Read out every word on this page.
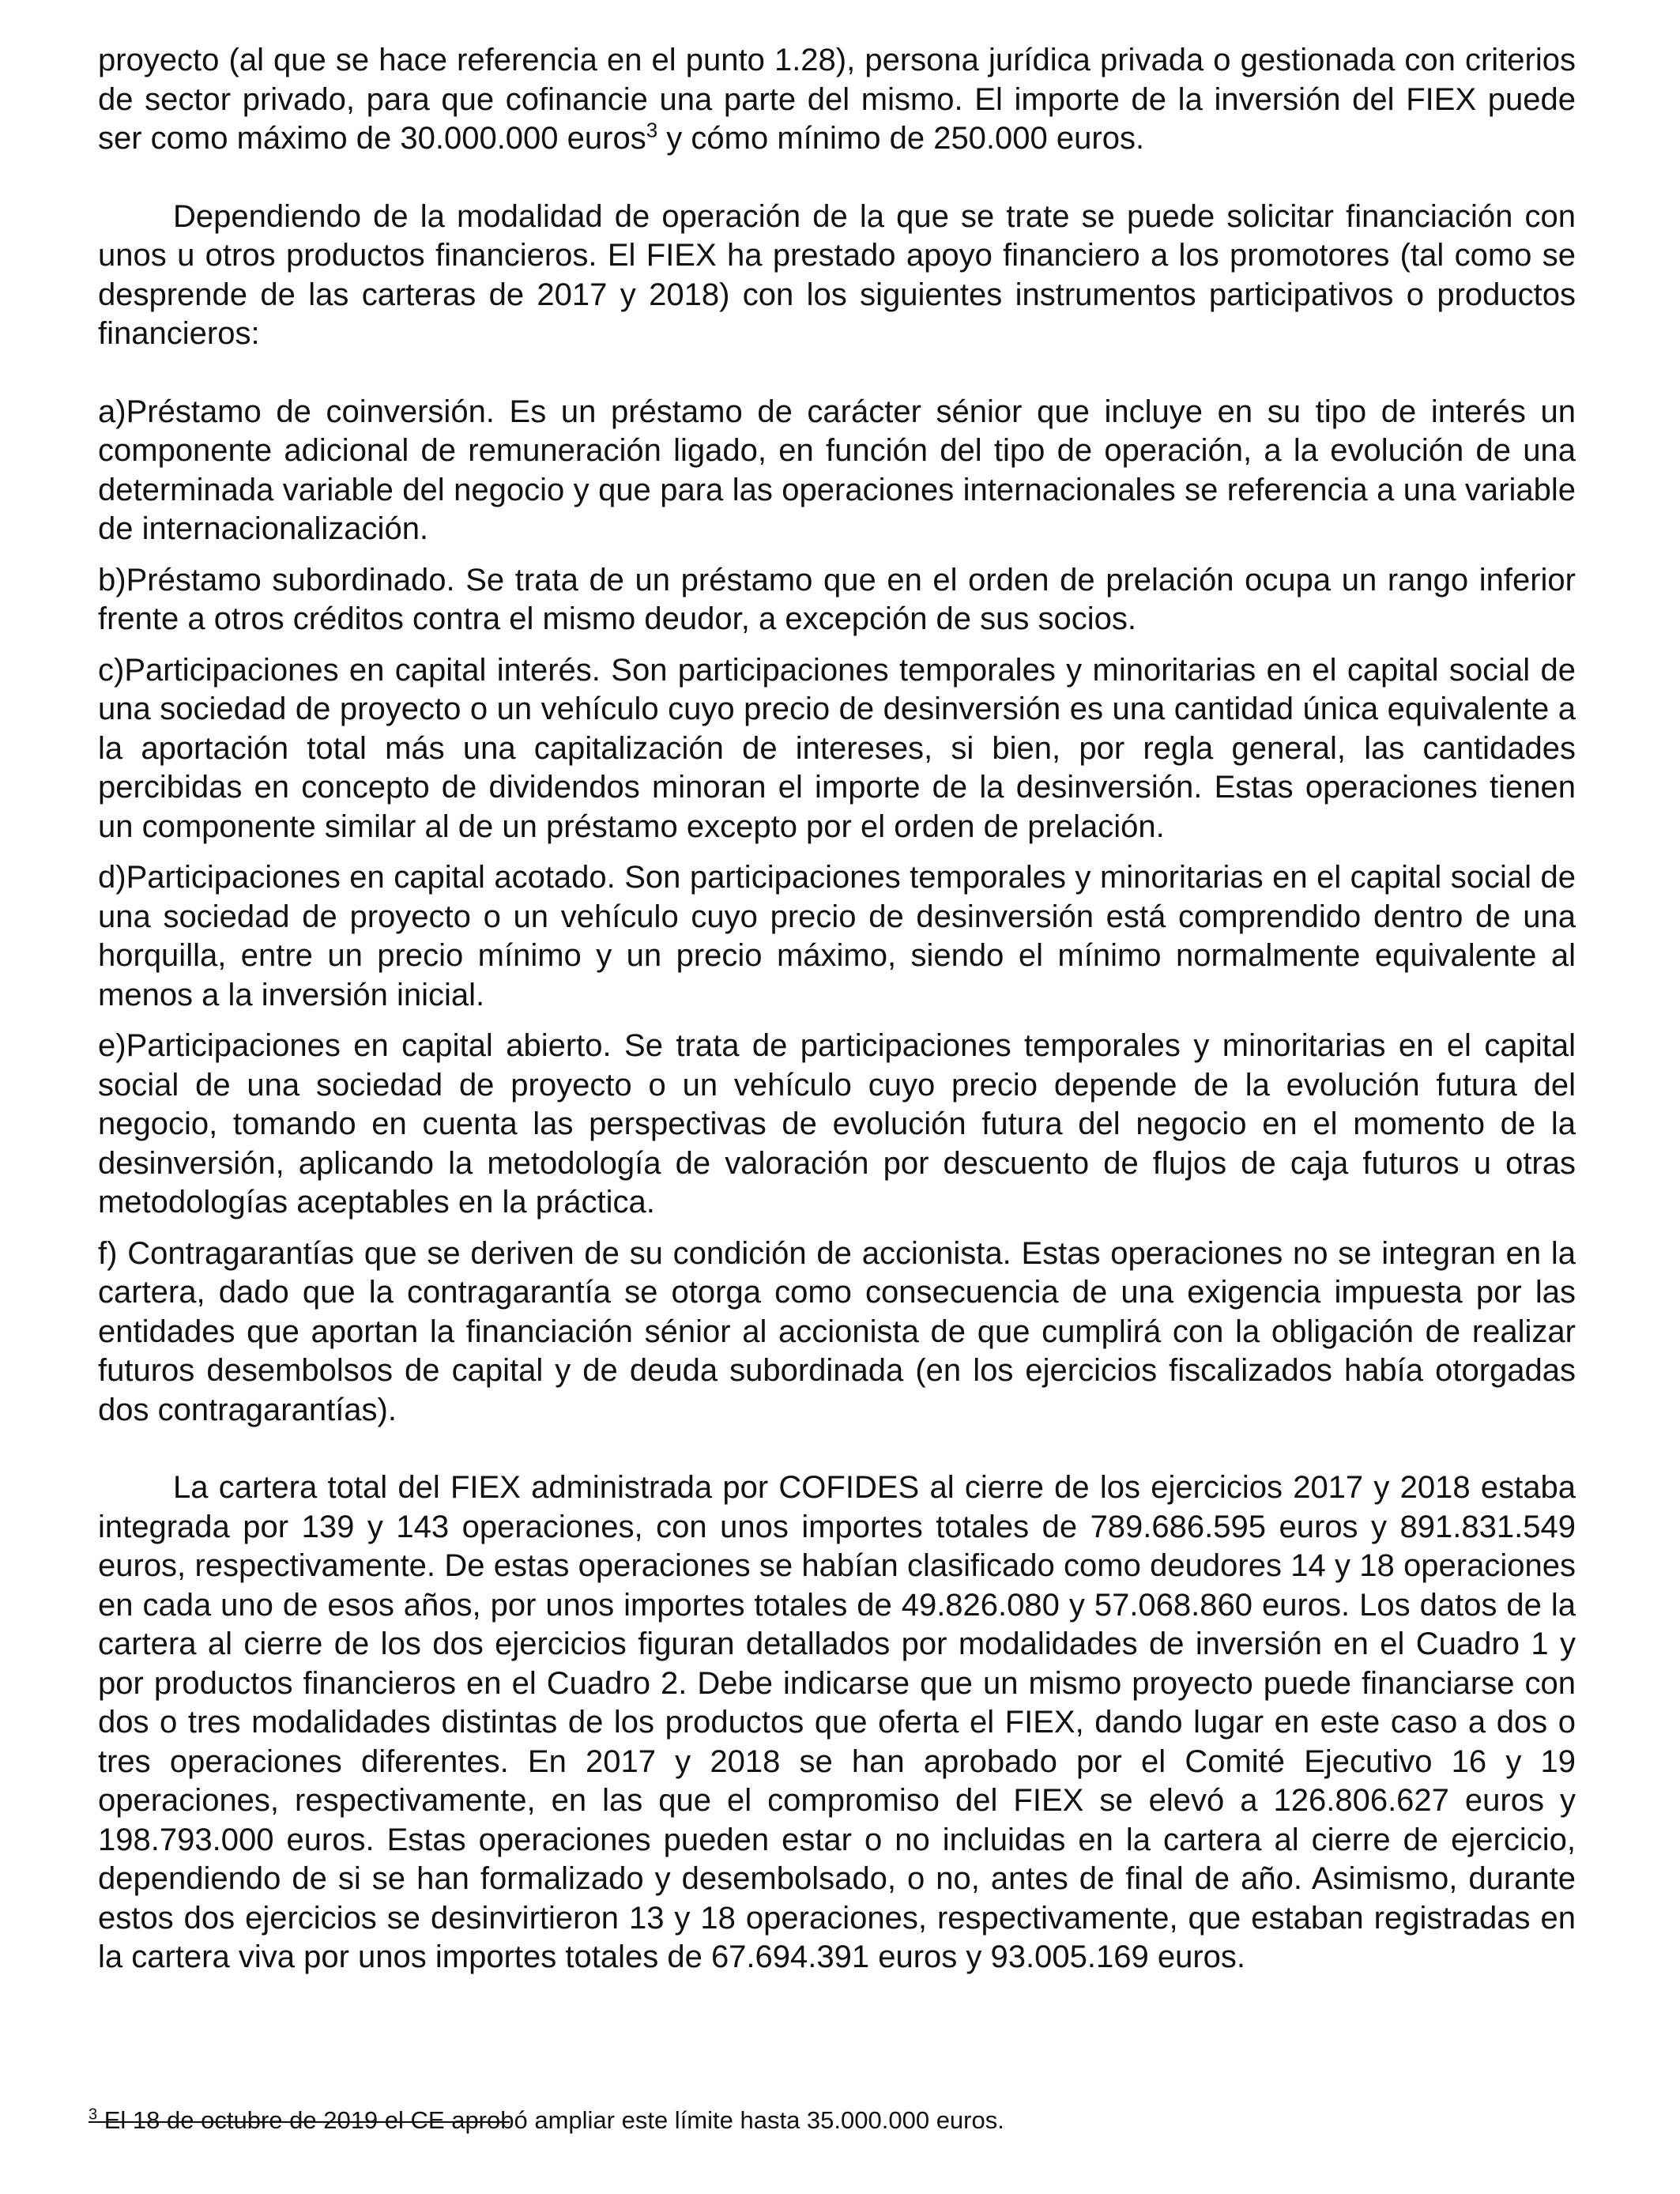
proyecto (al que se hace referencia en el punto 1.28), persona jurídica privada o gestionada con criterios de sector privado, para que cofinancie una parte del mismo. El importe de la inversión del FIEX puede ser como máximo de 30.000.000 euros$^3$ y cómo mínimo de 250.000 euros.

Dependiendo de la modalidad de operación de la que se trate se puede solicitar financiación con unos u otros productos financieros. El FIEX ha prestado apoyo financiero a los promotores (tal como se desprende de las carteras de 2017 y 2018) con los siguientes instrumentos participativos o productos financieros:

a)Préstamo de coinversión. Es un préstamo de carácter sénior que incluye en su tipo de interés un componente adicional de remuneración ligado, en función del tipo de operación, a la evolución de una determinada variable del negocio y que para las operaciones internacionales se referencia a una variable de internacionalización.

b)Préstamo subordinado. Se trata de un préstamo que en el orden de prelación ocupa un rango inferior frente a otros créditos contra el mismo deudor, a excepción de sus socios.

c)Participaciones en capital interés. Son participaciones temporales y minoritarias en el capital social de una sociedad de proyecto o un vehículo cuyo precio de desinversión es una cantidad única equivalente a la aportación total más una capitalización de intereses, si bien, por regla general, las cantidades percibidas en concepto de dividendos minoran el importe de la desinversión. Estas operaciones tienen un componente similar al de un préstamo excepto por el orden de prelación.

d)Participaciones en capital acotado. Son participaciones temporales y minoritarias en el capital social de una sociedad de proyecto o un vehículo cuyo precio de desinversión está comprendido dentro de una horquilla, entre un precio mínimo y un precio máximo, siendo el mínimo normalmente equivalente al menos a la inversión inicial.

e)Participaciones en capital abierto. Se trata de participaciones temporales y minoritarias en el capital social de una sociedad de proyecto o un vehículo cuyo precio depende de la evolución futura del negocio, tomando en cuenta las perspectivas de evolución futura del negocio en el momento de la desinversión, aplicando la metodología de valoración por descuento de flujos de caja futuros u otras metodologías aceptables en la práctica.

f) Contragarantías que se deriven de su condición de accionista. Estas operaciones no se integran en la cartera, dado que la contragarantía se otorga como consecuencia de una exigencia impuesta por las entidades que aportan la financiación sénior al accionista de que cumplirá con la obligación de realizar futuros desembolsos de capital y de deuda subordinada (en los ejercicios fiscalizados había otorgadas dos contragarantías).

La cartera total del FIEX administrada por COFIDES al cierre de los ejercicios 2017 y 2018 estaba integrada por 139 y 143 operaciones, con unos importes totales de 789.686.595 euros y 891.831.549 euros, respectivamente. De estas operaciones se habían clasificado como deudores 14 y 18 operaciones en cada uno de esos años, por unos importes totales de 49.826.080 y 57.068.860 euros. Los datos de la cartera al cierre de los dos ejercicios figuran detallados por modalidades de inversión en el Cuadro 1 y por productos financieros en el Cuadro 2. Debe indicarse que un mismo proyecto puede financiarse con dos o tres modalidades distintas de los productos que oferta el FIEX, dando lugar en este caso a dos o tres operaciones diferentes. En 2017 y 2018 se han aprobado por el Comité Ejecutivo 16 y 19 operaciones, respectivamente, en las que el compromiso del FIEX se elevó a 126.806.627 euros y 198.793.000 euros. Estas operaciones pueden estar o no incluidas en la cartera al cierre de ejercicio, dependiendo de si se han formalizado y desembolsado, o no, antes de final de año. Asimismo, durante estos dos ejercicios se desinvirtieron 13 y 18 operaciones, respectivamente, que estaban registradas en la cartera viva por unos importes totales de 67.694.391 euros y 93.005.169 euros.

$^3$ El 18 de octubre de 2019 el CE aprobó ampliar este límite hasta 35.000.000 euros.
